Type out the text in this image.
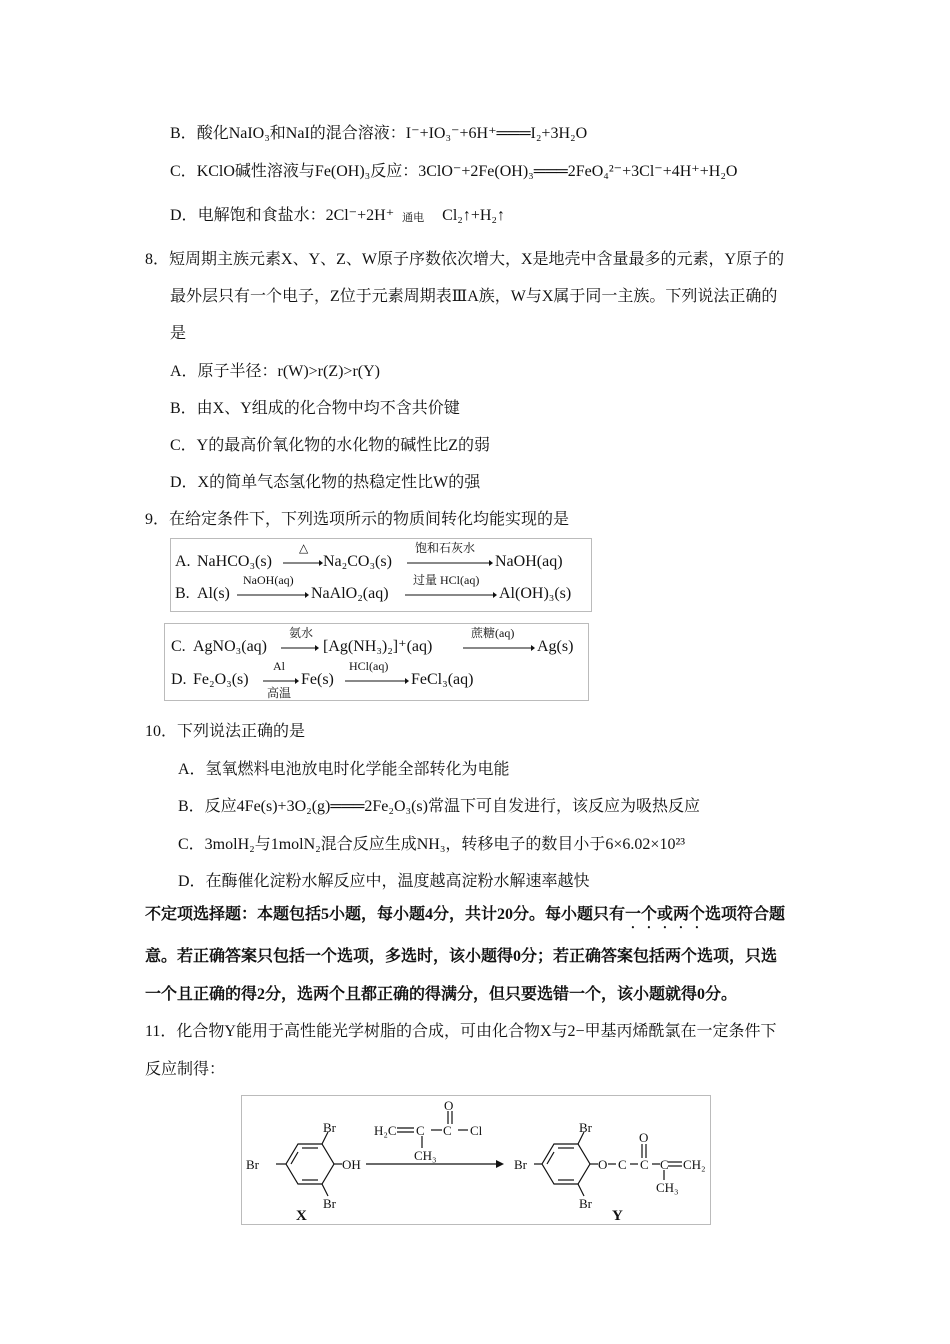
B．酸化NaIO₃和NaI的混合溶液：I⁻+IO₃⁻+6H⁺═══I₂+3H₂O
C．KClO碱性溶液与Fe(OH)₃反应：3ClO⁻+2Fe(OH)₃═══2FeO₄²⁻+3Cl⁻+4H⁺+H₂O
D．电解饱和食盐水：2Cl⁻+2H⁺ 通电 Cl₂↑+H₂↑
8．短周期主族元素X、Y、Z、W原子序数依次增大，X是地壳中含量最多的元素，Y原子的
最外层只有一个电子，Z位于元素周期表ⅢA族，W与X属于同一主族。下列说法正确的
是
A．原子半径：r(W)>r(Z)>r(Y)
B．由X、Y组成的化合物中均不含共价键
C．Y的最高价氧化物的水化物的碱性比Z的弱
D．X的简单气态氢化物的热稳定性比W的强
9．在给定条件下，下列选项所示的物质间转化均能实现的是
A. NaHCO₃(s)
△
Na₂CO₃(s)
饱和石灰水
NaOH(aq)
B. Al(s)
NaOH(aq)
NaAlO₂(aq)
过量 HCl(aq)
Al(OH)₃(s)
C. AgNO₃(aq)
氨水
[Ag(NH₃)₂]⁺(aq)
蔗糖(aq)
Ag(s)
D. Fe₂O₃(s)
Al
高温
Fe(s)
HCl(aq)
FeCl₃(aq)
10．下列说法正确的是
A．氢氧燃料电池放电时化学能全部转化为电能
B．反应4Fe(s)+3O₂(g)═══2Fe₂O₃(s)常温下可自发进行，该反应为吸热反应
C．3molH₂与1molN₂混合反应生成NH₃，转移电子的数目小于6×6.02×10²³
D．在酶催化淀粉水解反应中，温度越高淀粉水解速率越快
不定项选择题：本题包括5小题，每小题4分，共计20分。每小题只有一个或两个选项符合题
意。若正确答案只包括一个选项，多选时，该小题得0分；若正确答案包括两个选项，只选
一个且正确的得2分，选两个且都正确的得满分，但只要选错一个，该小题就得0分。
11．化合物Y能用于高性能光学树脂的合成，可由化合物X与2−甲基丙烯酰氯在一定条件下
反应制得：
Br
Br
Br	OH
H₂C C C
O
Cl
CH₃
Br
Br
Br	O C
O
C C CH₂
CH₃
X	Y
